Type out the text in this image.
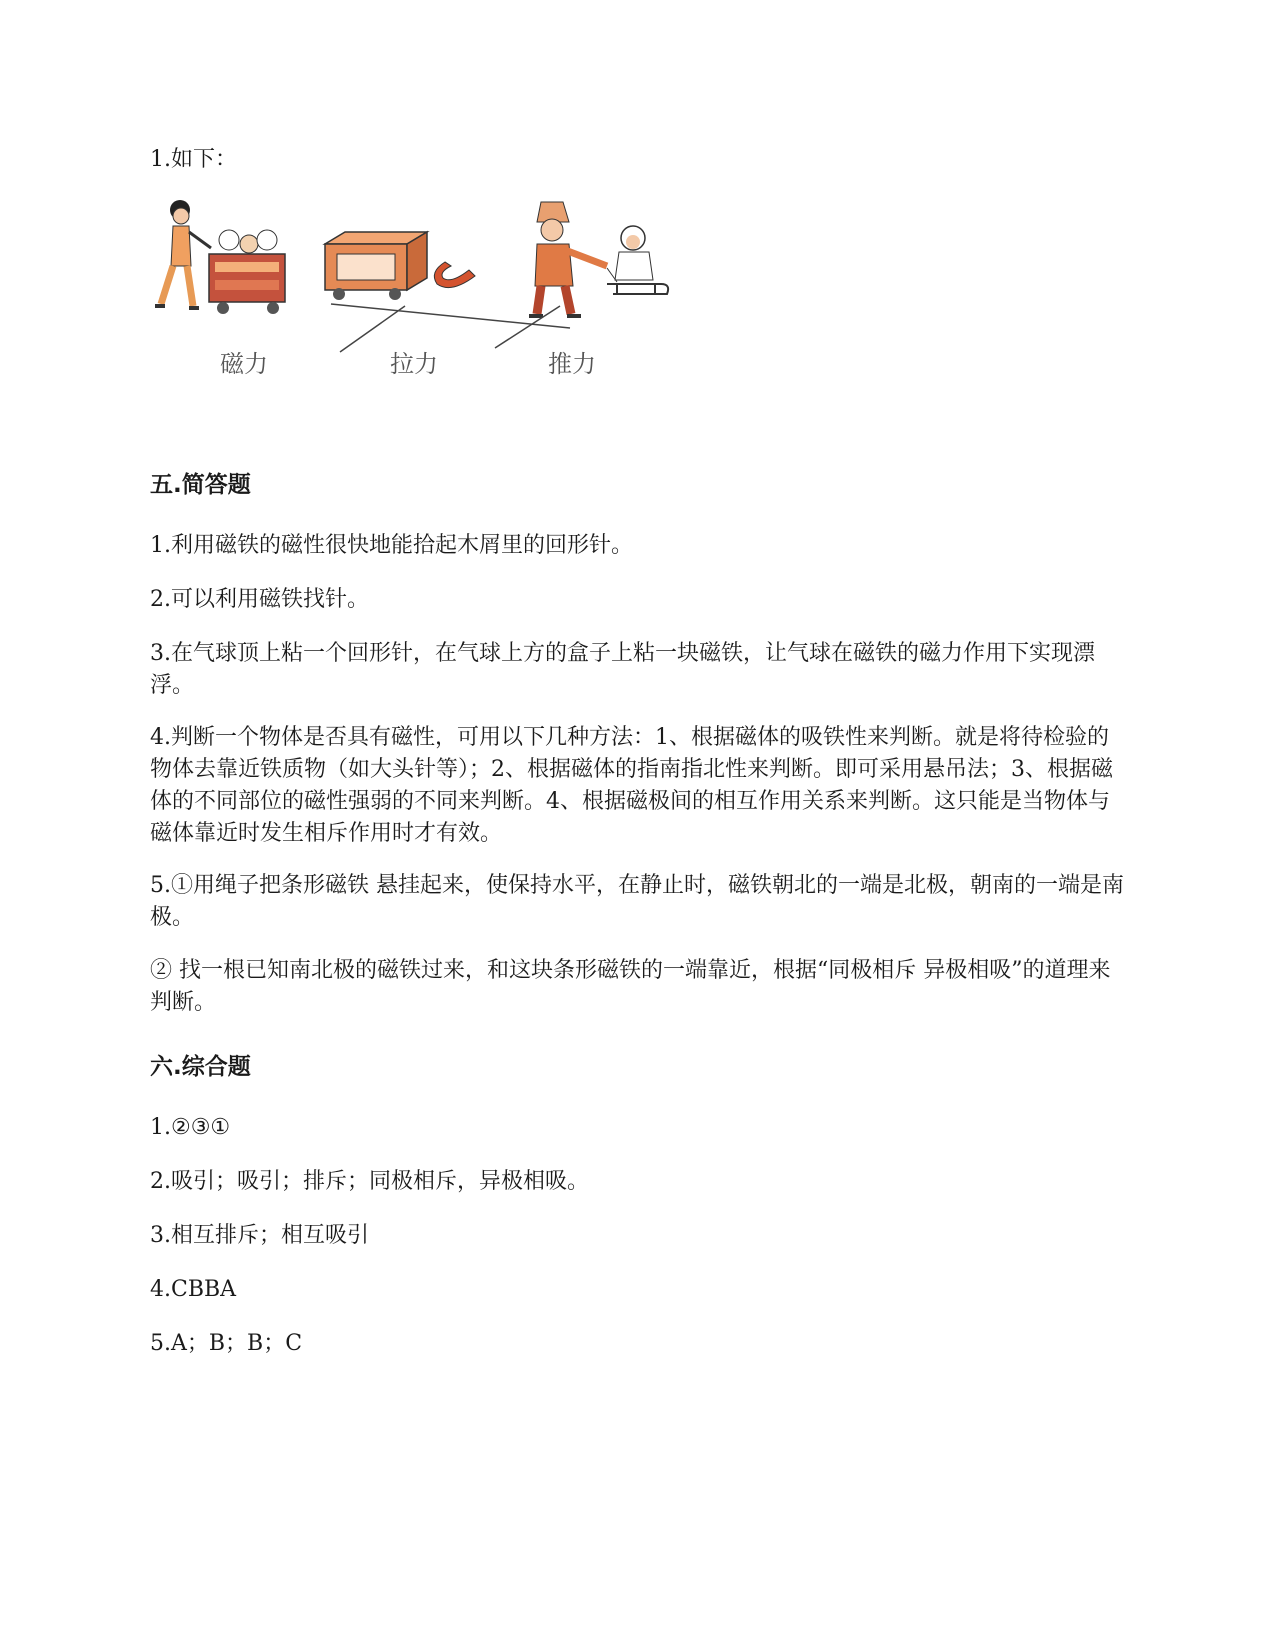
1.如下：

磁力	拉力	推力
五.简答题

1.利用磁铁的磁性很快地能拾起木屑里的回形针。

2.可以利用磁铁找针。

3.在气球顶上粘一个回形针，在气球上方的盒子上粘一块磁铁，让气球在磁铁的磁力作用下实现漂浮。

4.判断一个物体是否具有磁性，可用以下几种方法：1、根据磁体的吸铁性来判断。就是将待检验的物体去靠近铁质物（如大头针等）；2、根据磁体的指南指北性来判断。即可采用悬吊法；3、根据磁体的不同部位的磁性强弱的不同来判断。4、根据磁极间的相互作用关系来判断。这只能是当物体与磁体靠近时发生相斥作用时才有效。

5.①用绳子把条形磁铁 悬挂起来，使保持水平，在静止时，磁铁朝北的一端是北极，朝南的一端是南极。

② 找一根已知南北极的磁铁过来，和这块条形磁铁的一端靠近，根据“同极相斥 异极相吸”的道理来判断。

六.综合题

1.②③①

2.吸引；吸引；排斥；同极相斥，异极相吸。

3.相互排斥；相互吸引

4.CBBA

5.A；B；B；C
